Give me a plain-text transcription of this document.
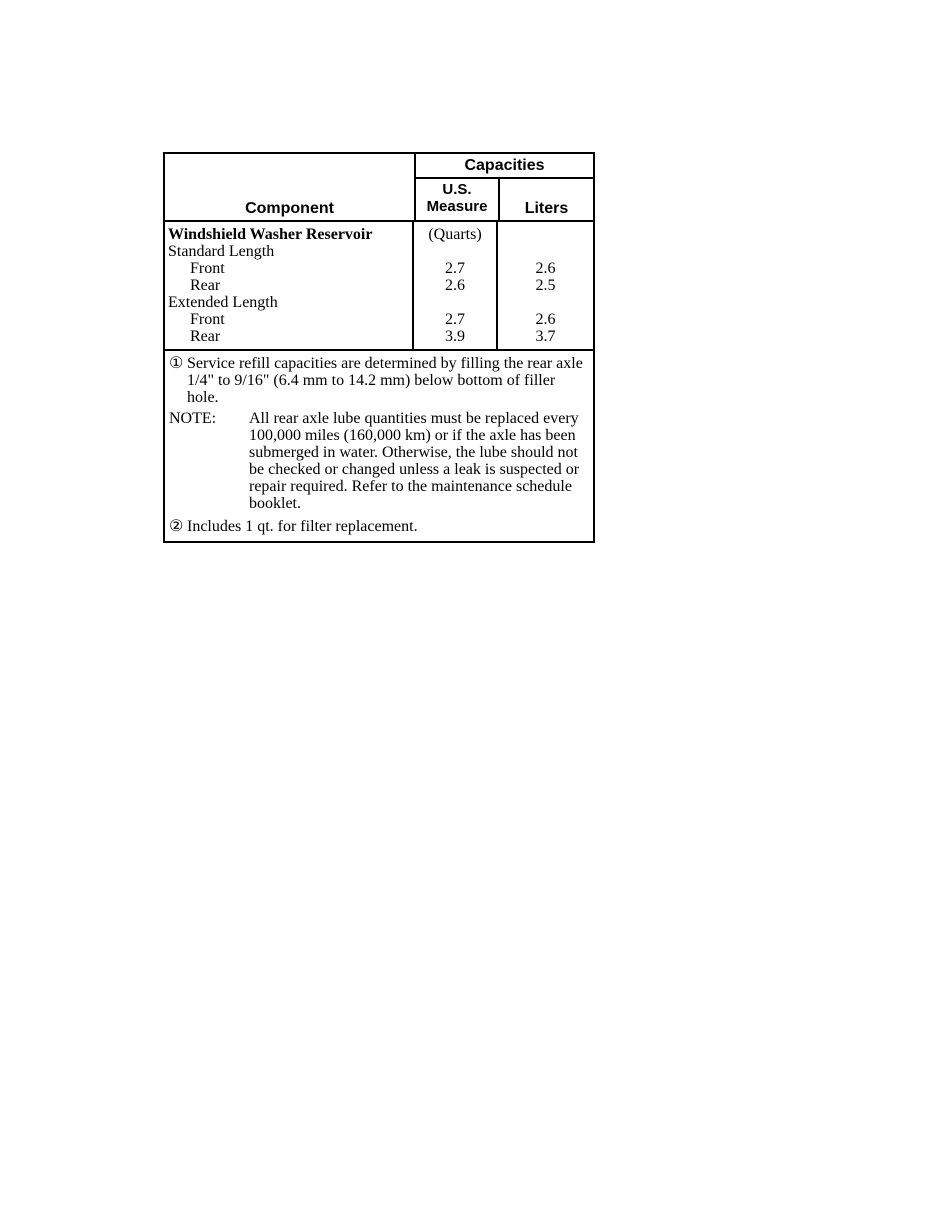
Component
Capacities
U.S.
Measure	Liters
Windshield Washer Reservoir
Standard Length
Front
Rear
Extended Length
Front
Rear
(Quarts)
2.7
2.6
2.7
3.9
2.6
2.5
2.6
3.7
① Service refill capacities are determined by filling the rear axle 1/4" to 9/16" (6.4 mm to 14.2 mm) below bottom of filler hole.
NOTE:	All rear axle lube quantities must be replaced every 100,000 miles (160,000 km) or if the axle has been submerged in water. Otherwise, the lube should not be checked or changed unless a leak is suspected or repair required. Refer to the maintenance schedule booklet.
② Includes 1 qt. for filter replacement.
